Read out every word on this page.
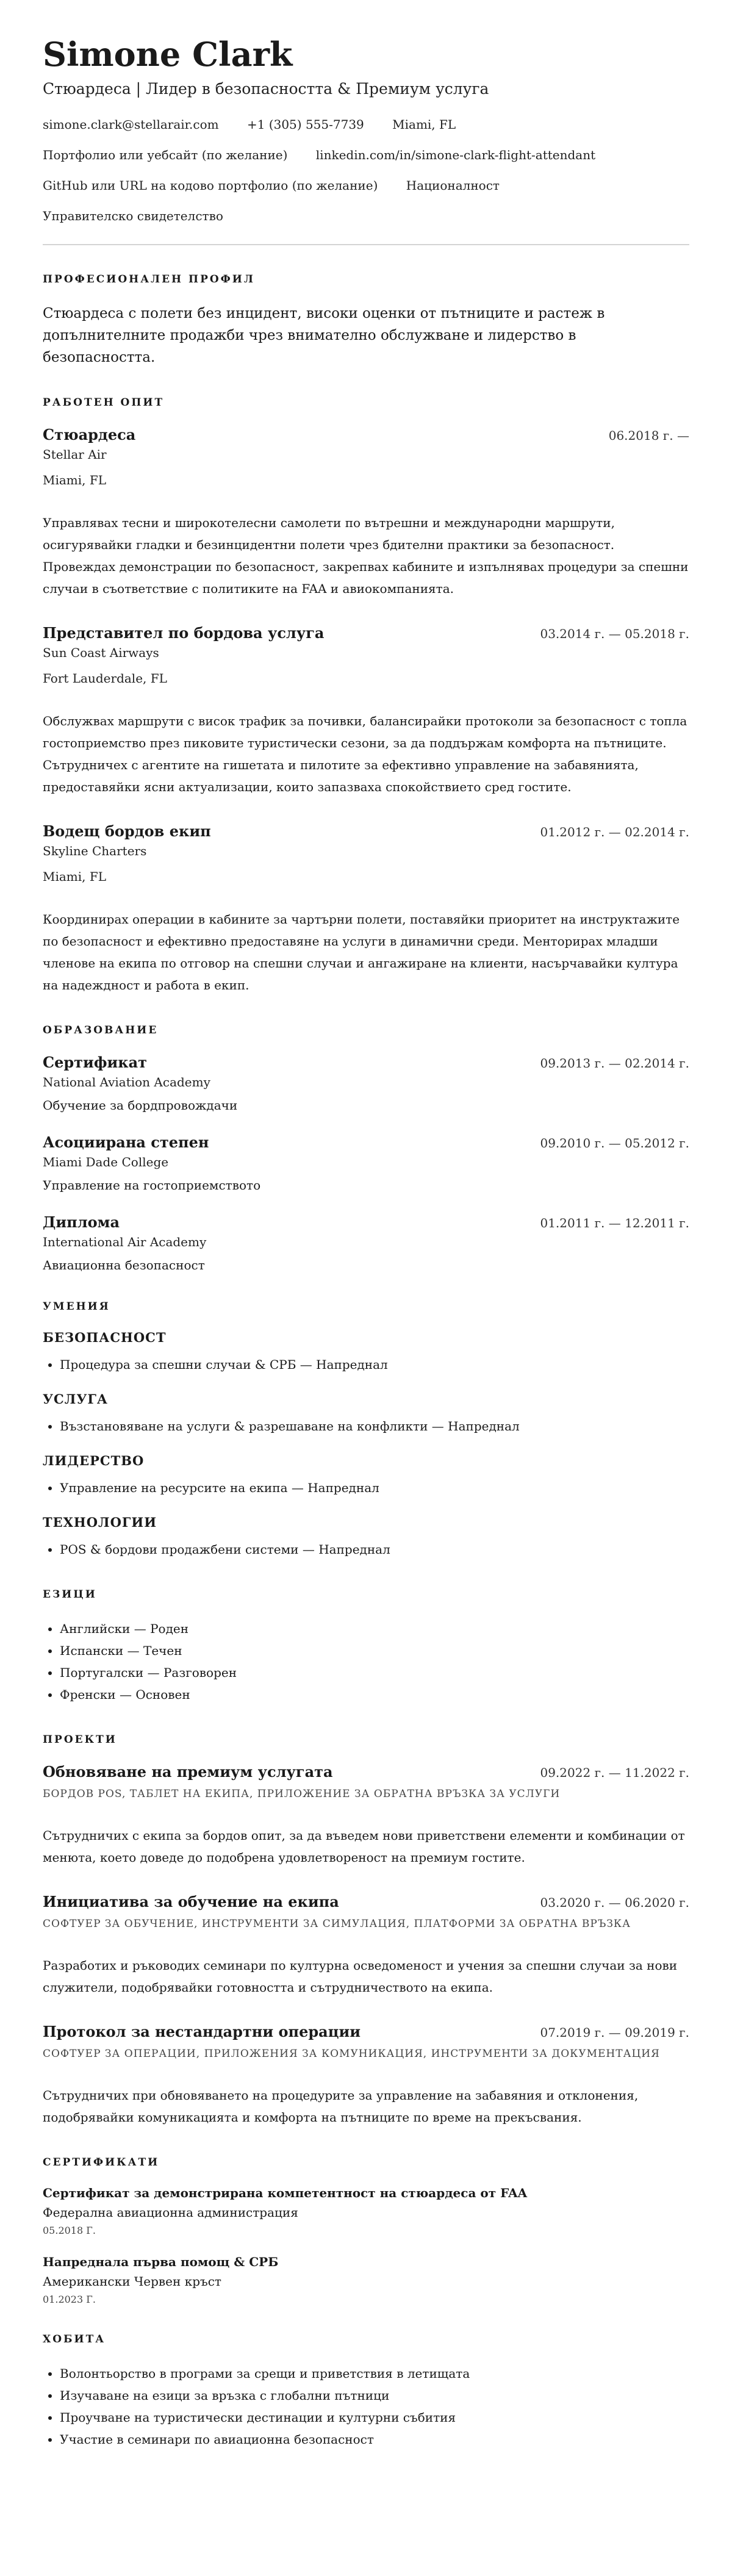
Simone Clark

Стюардеса | Лидер в безопасността & Премиум услуга

simone.clark@stellarair.com +1 (305) 555-7739 Miami, FL

Портфолио или уебсайт (по желание) linkedin.com/in/simone-clark-flight-attendant

GitHub или URL на кодово портфолио (по желание) Националност

Управителско свидетелство

ПРОФЕСИОНАЛЕН ПРОФИЛ

Стюардеса с полети без инцидент, високи оценки от пътниците и растеж в допълнителните продажби чрез внимателно обслужване и лидерство в безопасността.

РАБОТЕН ОПИТ

Стюардеса	06.2018 г. —

Stellar Air

Miami, FL

Управлявах тесни и широкотелесни самолети по вътрешни и международни маршрути, осигурявайки гладки и безинцидентни полети чрез бдителни практики за безопасност. Провеждах демонстрации по безопасност, закрепвах кабините и изпълнявах процедури за спешни случаи в съответствие с политиките на FAA и авиокомпанията.

Представител по бордова услуга	03.2014 г. — 05.2018 г.

Sun Coast Airways

Fort Lauderdale, FL

Обслужвах маршрути с висок трафик за почивки, балансирайки протоколи за безопасност с топла гостоприемство през пиковите туристически сезони, за да поддържам комфорта на пътниците. Сътрудничех с агентите на гишетата и пилотите за ефективно управление на забавянията, предоставяйки ясни актуализации, които запазваха спокойствието сред гостите.

Водещ бордов екип	01.2012 г. — 02.2014 г.

Skyline Charters

Miami, FL

Координирах операции в кабините за чартърни полети, поставяйки приоритет на инструктажите по безопасност и ефективно предоставяне на услуги в динамични среди. Менторирах младши членове на екипа по отговор на спешни случаи и ангажиране на клиенти, насърчавайки култура на надеждност и работа в екип.

ОБРАЗОВАНИЕ

Сертификат	09.2013 г. — 02.2014 г.

National Aviation Academy

Обучение за бордпровождачи

Асоциирана степен	09.2010 г. — 05.2012 г.

Miami Dade College

Управление на гостоприемството

Диплома	01.2011 г. — 12.2011 г.

International Air Academy

Авиационна безопасност

УМЕНИЯ

БЕЗОПАСНОСТ

• Процедура за спешни случаи & СРБ — Напреднал

УСЛУГА

• Възстановяване на услуги & разрешаване на конфликти — Напреднал

ЛИДЕРСТВО

• Управление на ресурсите на екипа — Напреднал

ТЕХНОЛОГИИ

• POS & бордови продажбени системи — Напреднал
ЕЗИЦИ
• Английски — Роден
• Испански — Течен
• Португалски — Разговорен
• Френски — Основен
ПРОЕКТИ

Обновяване на премиум услугата	09.2022 г. — 11.2022 г.

БОРДОВ POS, ТАБЛЕТ НА ЕКИПА, ПРИЛОЖЕНИЕ ЗА ОБРАТНА ВРЪЗКА ЗА УСЛУГИ

Сътрудничих с екипа за бордов опит, за да въведем нови приветствени елементи и комбинации от менюта, което доведе до подобрена удовлетвореност на премиум гостите.

Инициатива за обучение на екипа	03.2020 г. — 06.2020 г.

СОФТУЕР ЗА ОБУЧЕНИЕ, ИНСТРУМЕНТИ ЗА СИМУЛАЦИЯ, ПЛАТФОРМИ ЗА ОБРАТНА ВРЪЗКА

Разработих и ръководих семинари по културна осведоменост и учения за спешни случаи за нови служители, подобрявайки готовността и сътрудничеството на екипа.

Протокол за нестандартни операции	07.2019 г. — 09.2019 г.

СОФТУЕР ЗА ОПЕРАЦИИ, ПРИЛОЖЕНИЯ ЗА КОМУНИКАЦИЯ, ИНСТРУМЕНТИ ЗА ДОКУМЕНТАЦИЯ

Сътрудничих при обновяването на процедурите за управление на забавяния и отклонения, подобрявайки комуникацията и комфорта на пътниците по време на прекъсвания.

СЕРТИФИКАТИ

Сертификат за демонстрирана компетентност на стюардеса от FAA

Федерална авиационна администрация

05.2018 Г.

Напреднала първа помощ & СРБ

Американски Червен кръст

01.2023 Г.

ХОБИТА
• Волонтьорство в програми за срещи и приветствия в летищата
• Изучаване на езици за връзка с глобални пътници
• Проучване на туристически дестинации и културни събития
• Участие в семинари по авиационна безопасност
